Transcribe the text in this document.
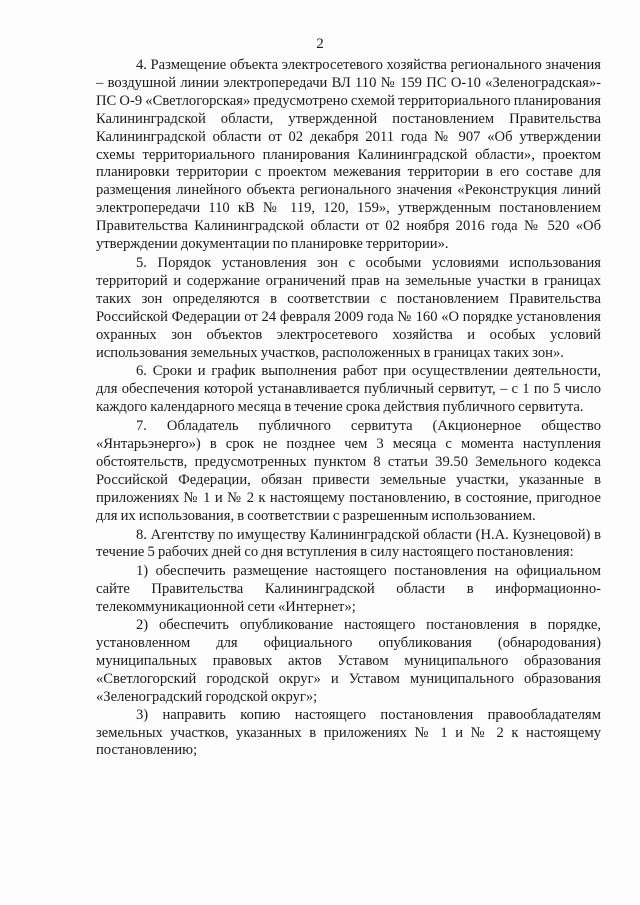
2

4. Размещение объекта электросетевого хозяйства регионального значения – воздушной линии электропередачи ВЛ 110 № 159 ПС О-10 «Зеленоградская»-ПС О-9 «Светлогорская» предусмотрено схемой территориального планирования Калининградской области, утвержденной постановлением Правительства Калининградской области от 02 декабря 2011 года № 907 «Об утверждении схемы территориального планирования Калининградской области», проектом планировки территории с проектом межевания территории в его составе для размещения линейного объекта регионального значения «Реконструкция линий электропередачи 110 кВ № 119, 120, 159», утвержденным постановлением Правительства Калининградской области от 02 ноября 2016 года № 520 «Об утверждении документации по планировке территории».

5. Порядок установления зон с особыми условиями использования территорий и содержание ограничений прав на земельные участки в границах таких зон определяются в соответствии с постановлением Правительства Российской Федерации от 24 февраля 2009 года № 160 «О порядке установления охранных зон объектов электросетевого хозяйства и особых условий использования земельных участков, расположенных в границах таких зон».

6. Сроки и график выполнения работ при осуществлении деятельности, для обеспечения которой устанавливается публичный сервитут, – с 1 по 5 число каждого календарного месяца в течение срока действия публичного сервитута.

7. Обладатель публичного сервитута (Акционерное общество «Янтарьэнерго») в срок не позднее чем 3 месяца с момента наступления обстоятельств, предусмотренных пунктом 8 статьи 39.50 Земельного кодекса Российской Федерации, обязан привести земельные участки, указанные в приложениях № 1 и № 2 к настоящему постановлению, в состояние, пригодное для их использования, в соответствии с разрешенным использованием.

8. Агентству по имуществу Калининградской области (Н.А. Кузнецовой) в течение 5 рабочих дней со дня вступления в силу настоящего постановления:

1) обеспечить размещение настоящего постановления на официальном сайте Правительства Калининградской области в информационно-телекоммуникационной сети «Интернет»;

2) обеспечить опубликование настоящего постановления в порядке, установленном для официального опубликования (обнародования) муниципальных правовых актов Уставом муниципального образования «Светлогорский городской округ» и Уставом муниципального образования «Зеленоградский городской округ»;

3) направить копию настоящего постановления правообладателям земельных участков, указанных в приложениях № 1 и № 2 к настоящему постановлению;
